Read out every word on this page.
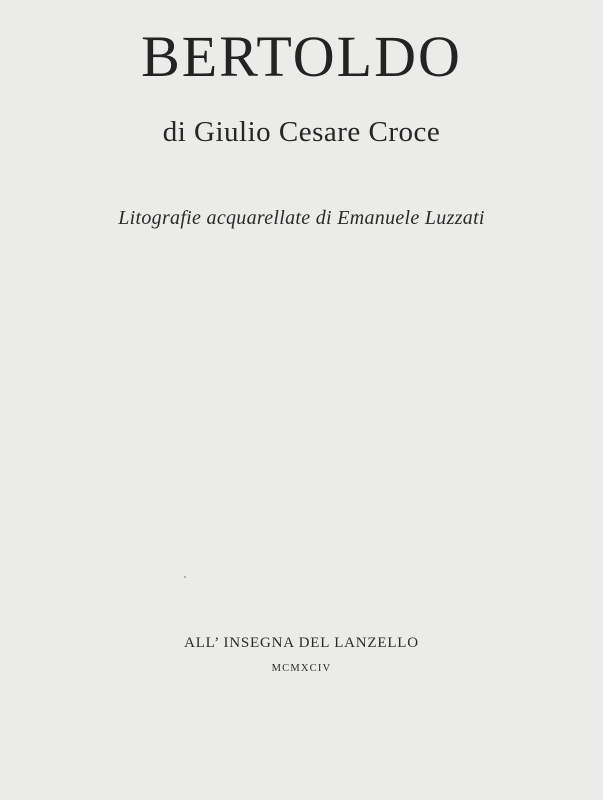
BERTOLDO

di Giulio Cesare Croce

Litografie acquarellate di Emanuele Luzzati

ALL’ INSEGNA DEL LANZELLO

MCMXCIV
